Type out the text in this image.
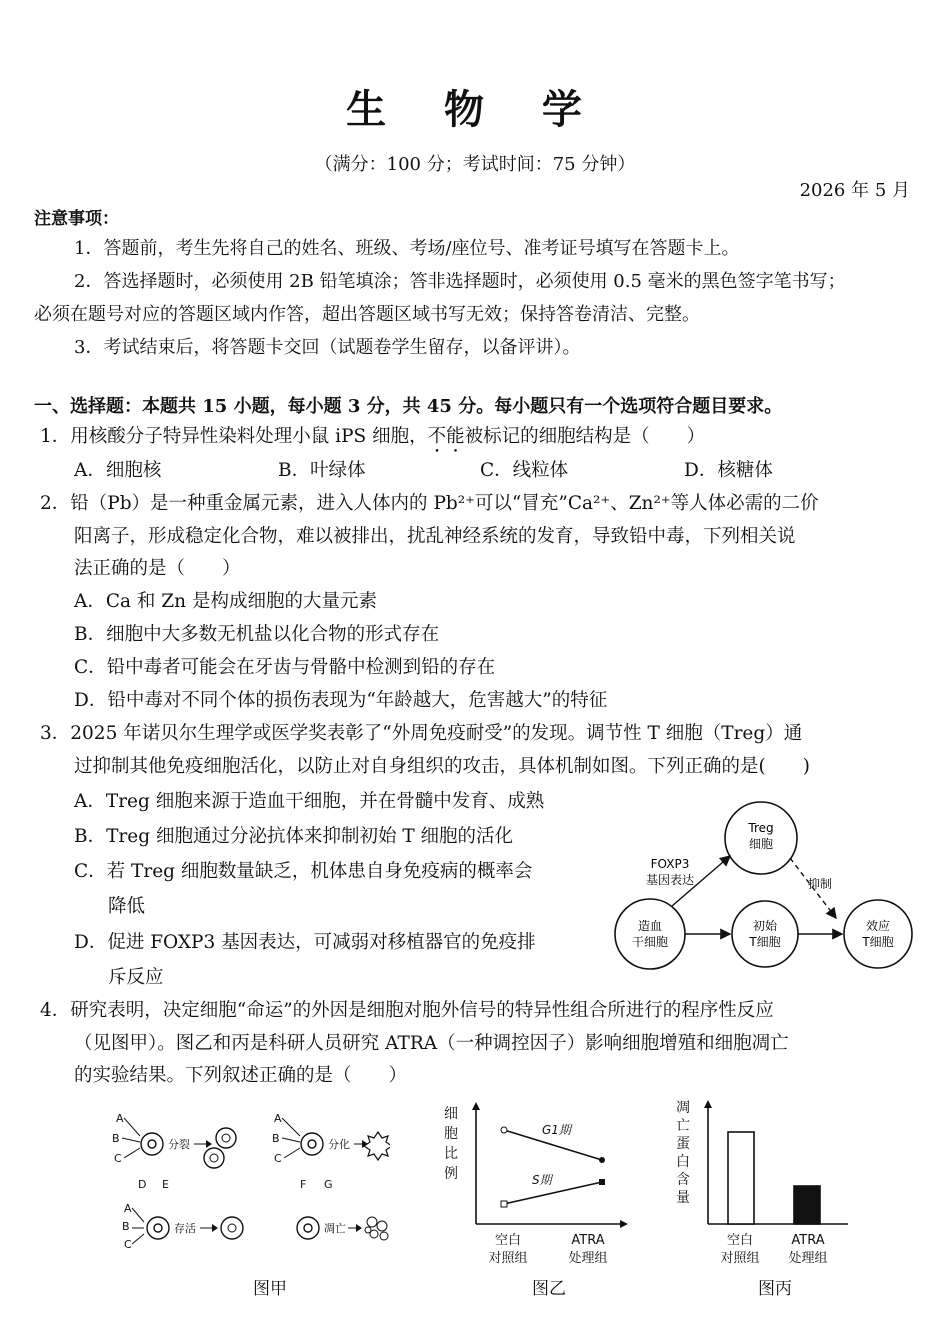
生 物 学
（满分：100 分；考试时间：75 分钟）
2026 年 5 月
注意事项：
1．答题前，考生先将自己的姓名、班级、考场/座位号、准考证号填写在答题卡上。
2．答选择题时，必须使用 2B 铅笔填涂；答非选择题时，必须使用 0.5 毫米的黑色签字笔书写；
必须在题号对应的答题区域内作答，超出答题区域书写无效；保持答卷清洁、完整。
3．考试结束后，将答题卡交回（试题卷学生留存，以备评讲）。
一、选择题：本题共 15 小题，每小题 3 分，共 45 分。每小题只有一个选项符合题目要求。
1．用核酸分子特异性染料处理小鼠 iPS 细胞，不能被标记的细胞结构是（　　）
A．细胞核	B．叶绿体	C．线粒体	D．核糖体
2．铅（Pb）是一种重金属元素，进入人体内的 Pb²⁺可以“冒充”Ca²⁺、Zn²⁺等人体必需的二价
阳离子，形成稳定化合物，难以被排出，扰乱神经系统的发育，导致铅中毒，下列相关说
法正确的是（　　）
A．Ca 和 Zn 是构成细胞的大量元素
B．细胞中大多数无机盐以化合物的形式存在
C．铅中毒者可能会在牙齿与骨骼中检测到铅的存在
D．铅中毒对不同个体的损伤表现为“年龄越大，危害越大”的特征
3．2025 年诺贝尔生理学或医学奖表彰了“外周免疫耐受”的发现。调节性 T 细胞（Treg）通
过抑制其他免疫细胞活化，以防止对自身组织的攻击，具体机制如图。下列正确的是(　　)
A．Treg 细胞来源于造血干细胞，并在骨髓中发育、成熟
B．Treg 细胞通过分泌抗体来抑制初始 T 细胞的活化
C．若 Treg 细胞数量缺乏，机体患自身免疫病的概率会
降低
D．促进 FOXP3 基因表达，可减弱对移植器官的免疫排
斥反应
Treg
细胞
造血
干细胞
初始
T细胞
效应
T细胞
FOXP3
基因表达	抑制
4．研究表明，决定细胞“命运”的外因是细胞对胞外信号的特异性组合所进行的程序性反应
（见图甲）。图乙和丙是科研人员研究 ATRA（一种调控因子）影响细胞增殖和细胞凋亡
的实验结果。下列叙述正确的是（　　）
A
B
C
D E
分裂
A
B
C
F G
分化
A
B
C
存活	凋亡
图甲
细
胞
比
例
G1期
S期
空白
对照组
ATRA
处理组
图乙
凋
亡
蛋
白
含
量
空白
对照组
ATRA
处理组
图丙
